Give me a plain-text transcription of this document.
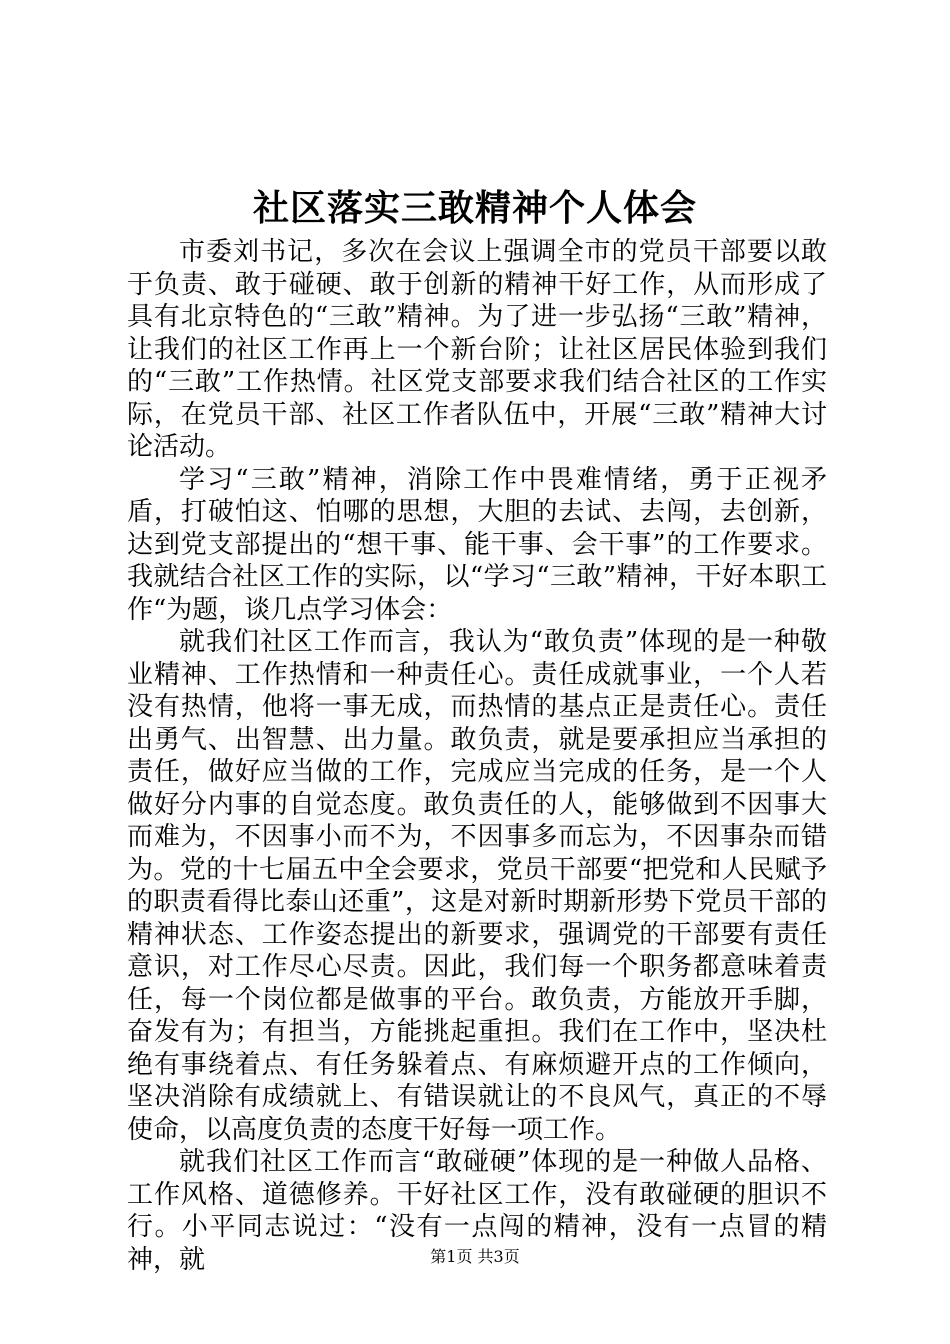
社区落实三敢精神个人体会

市委刘书记，多次在会议上强调全市的党员干部要以敢于负责、敢于碰硬、敢于创新的精神干好工作，从而形成了具有北京特色的“三敢”精神。为了进一步弘扬“三敢”精神，让我们的社区工作再上一个新台阶；让社区居民体验到我们的“三敢”工作热情。社区党支部要求我们结合社区的工作实际，在党员干部、社区工作者队伍中，开展“三敢”精神大讨论活动。

学习“三敢”精神，消除工作中畏难情绪，勇于正视矛盾，打破怕这、怕哪的思想，大胆的去试、去闯，去创新，达到党支部提出的“想干事、能干事、会干事”的工作要求。我就结合社区工作的实际，以“学习“三敢”精神，干好本职工作“为题，谈几点学习体会：

就我们社区工作而言，我认为“敢负责”体现的是一种敬业精神、工作热情和一种责任心。责任成就事业，一个人若没有热情，他将一事无成，而热情的基点正是责任心。责任出勇气、出智慧、出力量。敢负责，就是要承担应当承担的责任，做好应当做的工作，完成应当完成的任务，是一个人做好分内事的自觉态度。敢负责任的人，能够做到不因事大而难为，不因事小而不为，不因事多而忘为，不因事杂而错为。党的十七届五中全会要求，党员干部要“把党和人民赋予的职责看得比泰山还重”，这是对新时期新形势下党员干部的精神状态、工作姿态提出的新要求，强调党的干部要有责任意识，对工作尽心尽责。因此，我们每一个职务都意味着责任，每一个岗位都是做事的平台。敢负责，方能放开手脚，奋发有为；有担当，方能挑起重担。我们在工作中，坚决杜绝有事绕着点、有任务躲着点、有麻烦避开点的工作倾向，坚决消除有成绩就上、有错误就让的不良风气，真正的不辱使命，以高度负责的态度干好每一项工作。

就我们社区工作而言“敢碰硬”体现的是一种做人品格、工作风格、道德修养。干好社区工作，没有敢碰硬的胆识不行。小平同志说过：“没有一点闯的精神，没有一点冒的精神，就	第1页 共3页
